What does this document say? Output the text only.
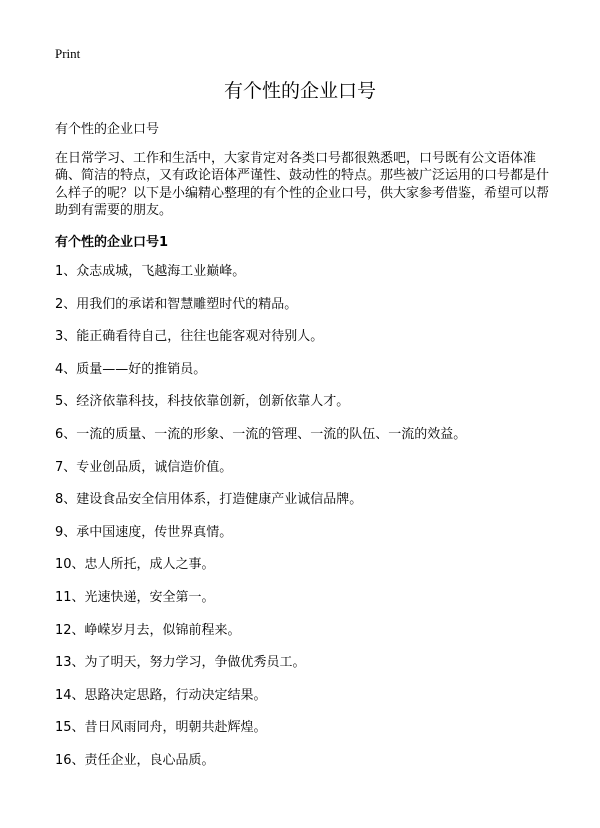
Print
有个性的企业口号

有个性的企业口号

在日常学习、工作和生活中，大家肯定对各类口号都很熟悉吧，口号既有公文语体准确、简洁的特点，又有政论语体严谨性、鼓动性的特点。那些被广泛运用的口号都是什么样子的呢？以下是小编精心整理的有个性的企业口号，供大家参考借鉴，希望可以帮助到有需要的朋友。

有个性的企业口号1
1、众志成城，飞越海工业巅峰。
2、用我们的承诺和智慧雕塑时代的精品。
3、能正确看待自己，往往也能客观对待别人。
4、质量——好的推销员。
5、经济依靠科技，科技依靠创新，创新依靠人才。
6、一流的质量、一流的形象、一流的管理、一流的队伍、一流的效益。
7、专业创品质，诚信造价值。
8、建设食品安全信用体系，打造健康产业诚信品牌。
9、承中国速度，传世界真情。
10、忠人所托，成人之事。
11、光速快递，安全第一。
12、峥嵘岁月去，似锦前程来。
13、为了明天，努力学习，争做优秀员工。
14、思路决定思路，行动决定结果。
15、昔日风雨同舟，明朝共赴辉煌。
16、责任企业，良心品质。
